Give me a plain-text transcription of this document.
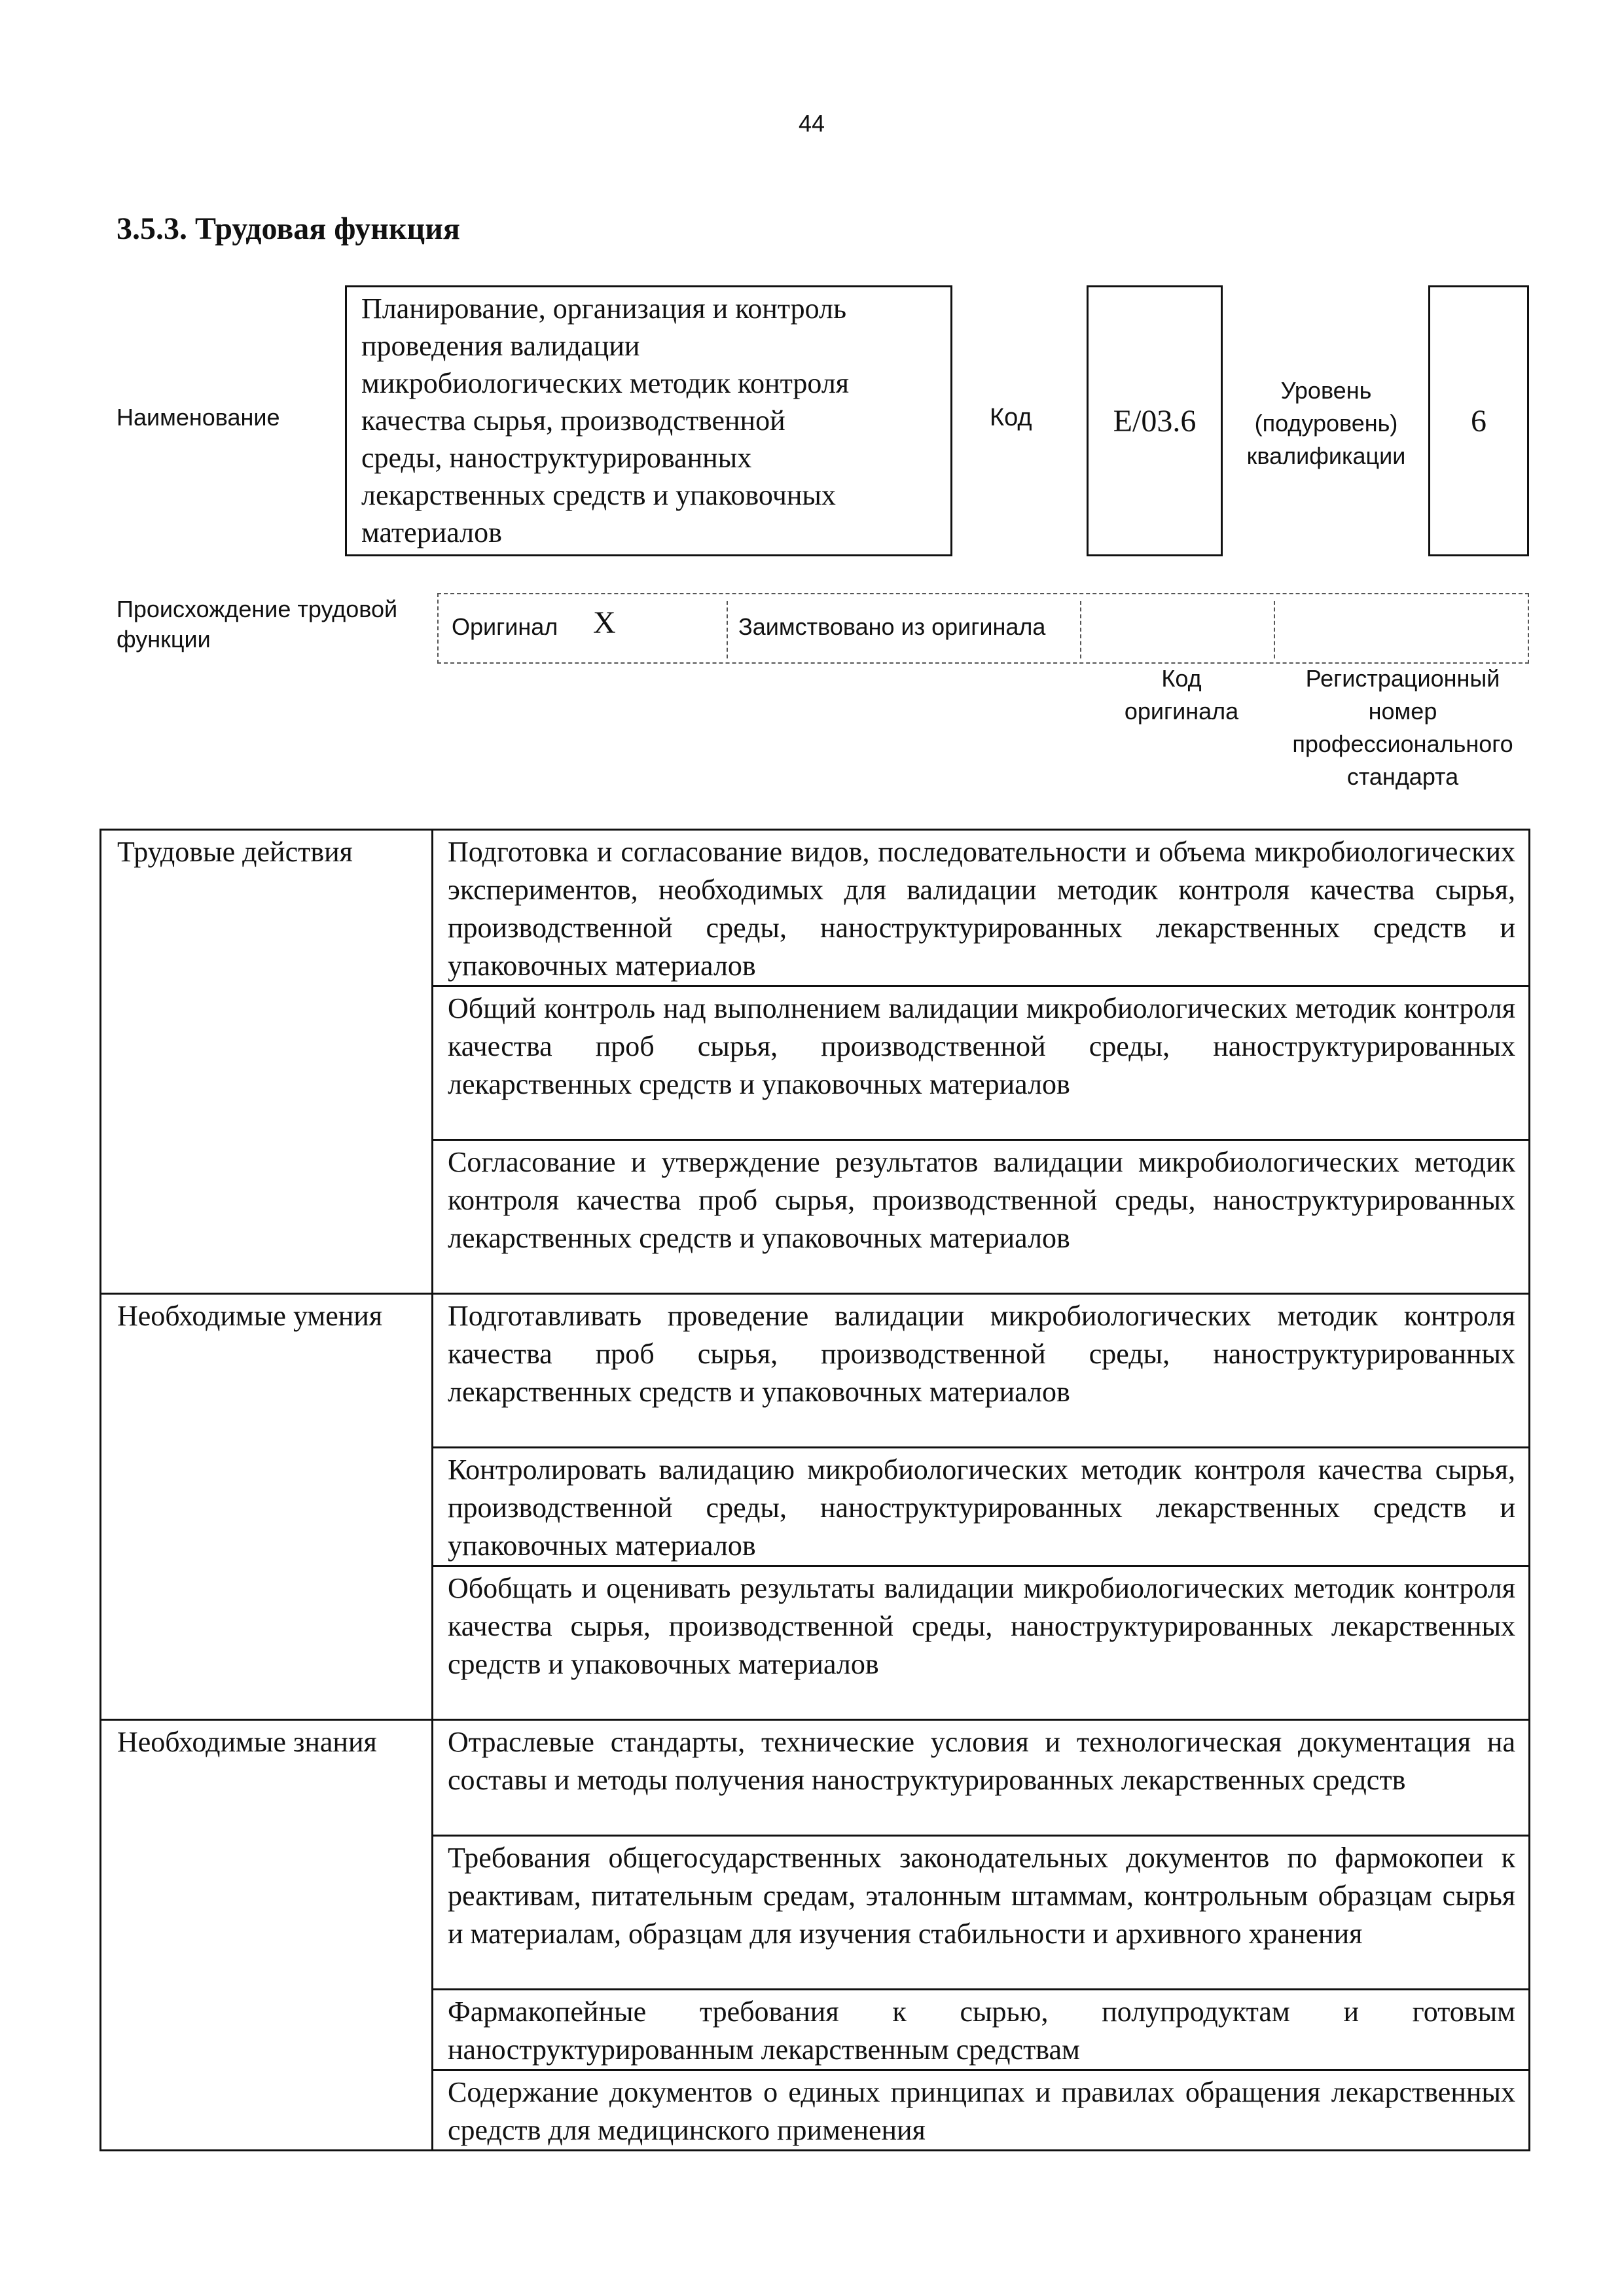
44
3.5.3. Трудовая функция
Наименование
Планирование, организация и контроль
проведения валидации
микробиологических методик контроля
качества сырья, производственной
среды, наноструктурированных
лекарственных средств и упаковочных
материалов
Код	E/03.6
Уровень
(подуровень)
квалификации
6
Происхождение трудовой
функции	Оригинал X	Заимствовано из оригинала
Код
оригинала
Регистрационный
номер
профессионального
стандарта
Трудовые действия	Подготовка и согласование видов, последовательности и объема микробиологических экспериментов, необходимых для валидации методик контроля качества сырья, производственной среды, наноструктурированных лекарственных средств и упаковочных материалов
	Общий контроль над выполнением валидации микробиологических методик контроля качества проб сырья, производственной среды, наноструктурированных лекарственных средств и упаковочных материалов
	Согласование и утверждение результатов валидации микробиологических методик контроля качества проб сырья, производственной среды, наноструктурированных лекарственных средств и упаковочных материалов
Необходимые умения	Подготавливать проведение валидации микробиологических методик контроля качества проб сырья, производственной среды, наноструктурированных лекарственных средств и упаковочных материалов
	Контролировать валидацию микробиологических методик контроля качества сырья, производственной среды, наноструктурированных лекарственных средств и упаковочных материалов
	Обобщать и оценивать результаты валидации микробиологических методик контроля качества сырья, производственной среды, наноструктурированных лекарственных средств и упаковочных материалов
Необходимые знания	Отраслевые стандарты, технические условия и технологическая документация на составы и методы получения наноструктурированных лекарственных средств
	Требования общегосударственных законодательных документов по фармокопеи к реактивам, питательным средам, эталонным штаммам, контрольным образцам сырья и материалам, образцам для изучения стабильности и архивного хранения
	Фармакопейные требования к сырью, полупродуктам и готовым наноструктурированным лекарственным средствам
	Содержание документов о единых принципах и правилах обращения лекарственных средств для медицинского применения
